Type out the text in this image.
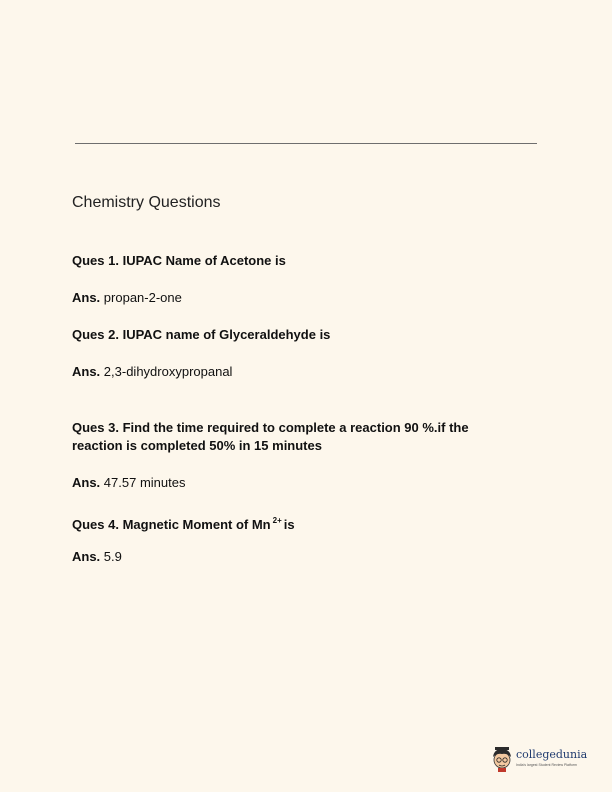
Chemistry Questions
Ques 1. IUPAC Name of Acetone is
Ans. propan-2-one
Ques 2. IUPAC name of Glyceraldehyde is
Ans. 2,3-dihydroxypropanal
Ques 3. Find the time required to complete a reaction 90 %.if the
reaction is completed 50% in 15 minutes
Ans. 47.57 minutes
Ques 4. Magnetic Moment of Mn $^{2+}$ is
Ans. 5.9
collegedunia
India's largest Student Review Platform
